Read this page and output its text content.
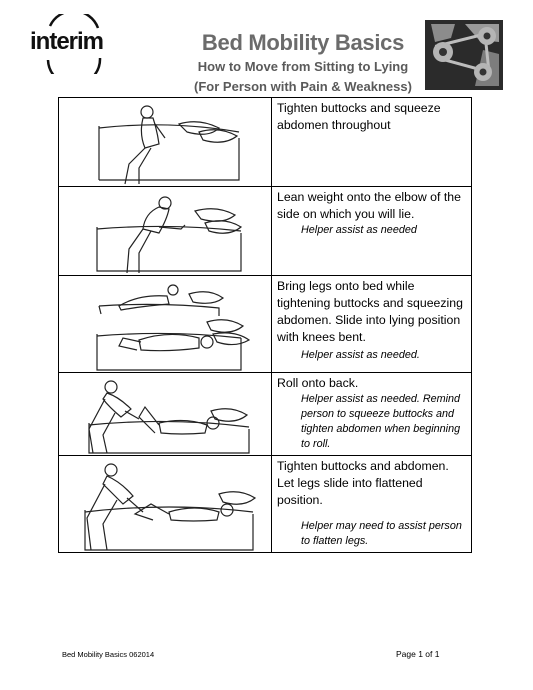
interim	Bed Mobility Basics
How to Move from Sitting to Lying
(For Person with Pain & Weakness)

Tighten buttocks and squeeze abdomen throughout

Lean weight onto the elbow of the side on which you will lie.
Helper assist as needed

Bring legs onto bed while tightening buttocks and squeezing abdomen. Slide into lying position with knees bent.
Helper assist as needed.

Roll onto back.
Helper assist as needed. Remind person to squeeze buttocks and tighten abdomen when beginning to roll.

Tighten buttocks and abdomen. Let legs slide into flattened position.
Helper may need to assist person to flatten legs.
Bed Mobility Basics 062014	Page 1 of 1
